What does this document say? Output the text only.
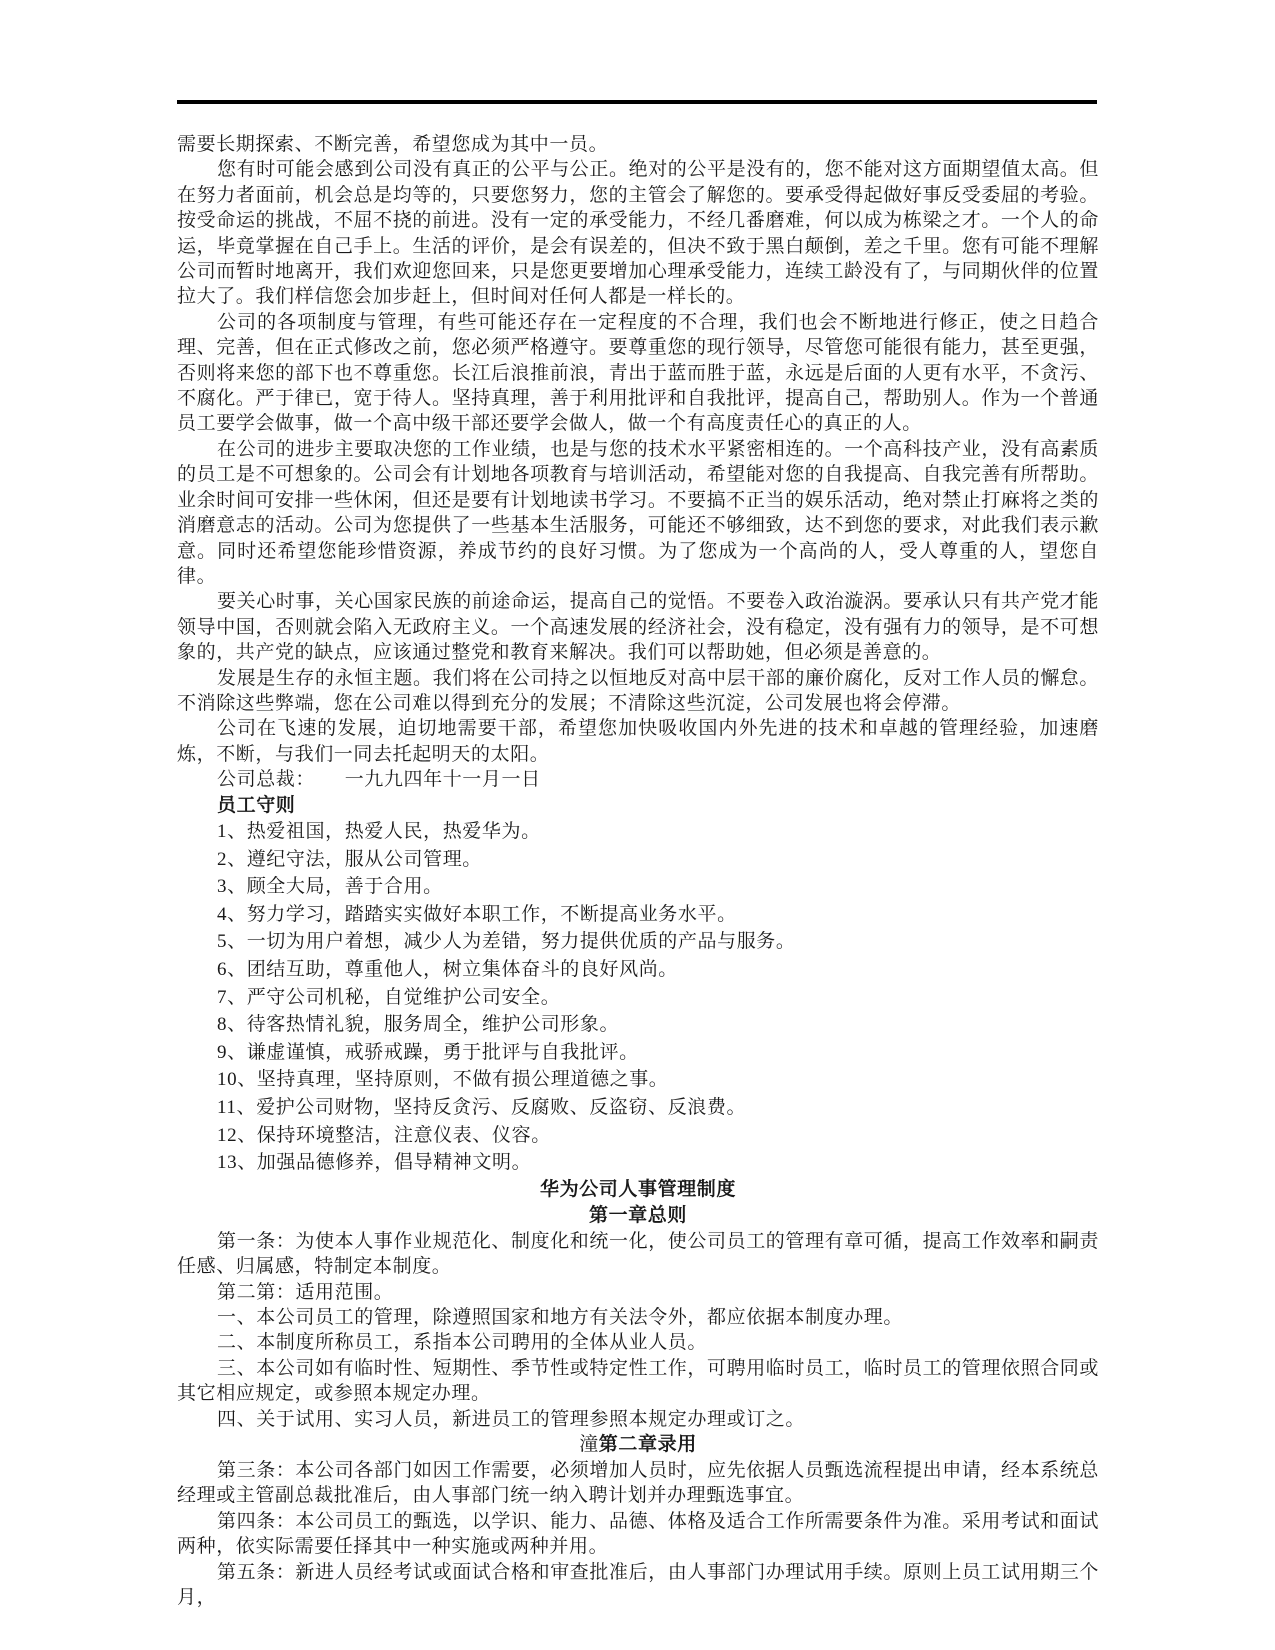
需要长期探索、不断完善，希望您成为其中一员。

您有时可能会感到公司没有真正的公平与公正。绝对的公平是没有的，您不能对这方面期望值太高。但在努力者面前，机会总是均等的，只要您努力，您的主管会了解您的。要承受得起做好事反受委屈的考验。按受命运的挑战，不屈不挠的前进。没有一定的承受能力，不经几番磨难，何以成为栋梁之才。一个人的命运，毕竟掌握在自己手上。生活的评价，是会有误差的，但决不致于黑白颠倒，差之千里。您有可能不理解公司而暂时地离开，我们欢迎您回来，只是您更要增加心理承受能力，连续工龄没有了，与同期伙伴的位置拉大了。我们样信您会加步赶上，但时间对任何人都是一样长的。

公司的各项制度与管理，有些可能还存在一定程度的不合理，我们也会不断地进行修正，使之日趋合理、完善，但在正式修改之前，您必须严格遵守。要尊重您的现行领导，尽管您可能很有能力，甚至更强，否则将来您的部下也不尊重您。长江后浪推前浪，青出于蓝而胜于蓝，永远是后面的人更有水平，不贪污、不腐化。严于律已，宽于待人。坚持真理，善于利用批评和自我批评，提高自己，帮助别人。作为一个普通员工要学会做事，做一个高中级干部还要学会做人，做一个有高度责任心的真正的人。

在公司的进步主要取决您的工作业绩，也是与您的技术水平紧密相连的。一个高科技产业，没有高素质的员工是不可想象的。公司会有计划地各项教育与培训活动，希望能对您的自我提高、自我完善有所帮助。业余时间可安排一些休闲，但还是要有计划地读书学习。不要搞不正当的娱乐活动，绝对禁止打麻将之类的消磨意志的活动。公司为您提供了一些基本生活服务，可能还不够细致，达不到您的要求，对此我们表示歉意。同时还希望您能珍惜资源，养成节约的良好习惯。为了您成为一个高尚的人，受人尊重的人，望您自律。

要关心时事，关心国家民族的前途命运，提高自己的觉悟。不要卷入政治漩涡。要承认只有共产党才能领导中国，否则就会陷入无政府主义。一个高速发展的经济社会，没有稳定，没有强有力的领导，是不可想象的，共产党的缺点，应该通过整党和教育来解决。我们可以帮助她，但必须是善意的。

发展是生存的永恒主题。我们将在公司持之以恒地反对高中层干部的廉价腐化，反对工作人员的懈怠。不消除这些弊端，您在公司难以得到充分的发展；不清除这些沉淀，公司发展也将会停滞。

公司在飞速的发展，迫切地需要干部，希望您加快吸收国内外先进的技术和卓越的管理经验，加速磨炼，不断，与我们一同去托起明天的太阳。

公司总裁：　　一九九四年十一月一日

员工守则

1、热爱祖国，热爱人民，热爱华为。

2、遵纪守法，服从公司管理。

3、顾全大局，善于合用。

4、努力学习，踏踏实实做好本职工作，不断提高业务水平。

5、一切为用户着想，减少人为差错，努力提供优质的产品与服务。

6、团结互助，尊重他人，树立集体奋斗的良好风尚。

7、严守公司机秘，自觉维护公司安全。

8、待客热情礼貌，服务周全，维护公司形象。

9、谦虚谨慎，戒骄戒躁，勇于批评与自我批评。

10、坚持真理，坚持原则，不做有损公理道德之事。

11、爱护公司财物，坚持反贪污、反腐败、反盗窃、反浪费。

12、保持环境整洁，注意仪表、仪容。

13、加强品德修养，倡导精神文明。

华为公司人事管理制度

第一章总则

第一条：为使本人事作业规范化、制度化和统一化，使公司员工的管理有章可循，提高工作效率和嗣责任感、归属感，特制定本制度。

第二第：适用范围。

一、本公司员工的管理，除遵照国家和地方有关法令外，都应依据本制度办理。

二、本制度所称员工，系指本公司聘用的全体从业人员。

三、本公司如有临时性、短期性、季节性或特定性工作，可聘用临时员工，临时员工的管理依照合同或其它相应规定，或参照本规定办理。

四、关于试用、实习人员，新进员工的管理参照本规定办理或订之。

潼第二章录用

第三条：本公司各部门如因工作需要，必须增加人员时，应先依据人员甄选流程提出申请，经本系统总经理或主管副总裁批准后，由人事部门统一纳入聘计划并办理甄选事宜。

第四条：本公司员工的甄选，以学识、能力、品德、体格及适合工作所需要条件为准。采用考试和面试两种，依实际需要任择其中一种实施或两种并用。

第五条：新进人员经考试或面试合格和审查批准后，由人事部门办理试用手续。原则上员工试用期三个月，
